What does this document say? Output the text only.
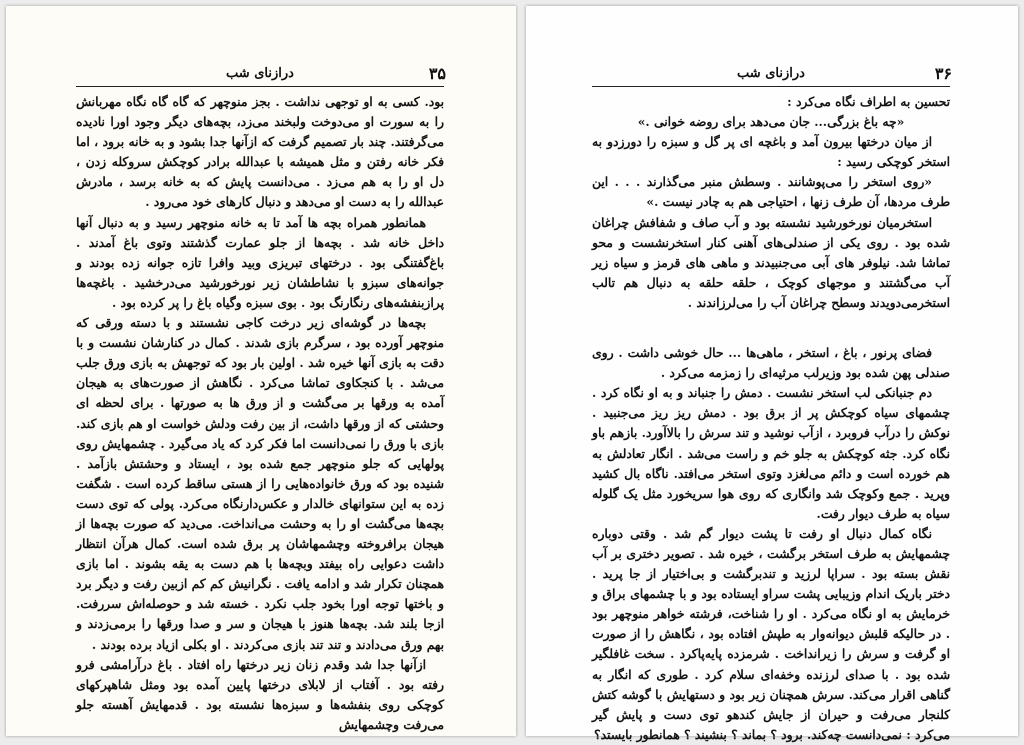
۳۵
درازنای شب

بود. کسی به او توجهی نداشت . بجز منوچهر که گاه گاه نگاه مهربانش را به سورت او می‌دوخت ولبخند می‌زد، بچه‌های دیگر وجود اورا نادیده می‌گرفتند. چند بار تصمیم گرفت که ازآنها جدا بشود و به خانه برود ، اما فکر خانه رفتن و مثل همیشه با عبدالله برادر کوچکش سروکله زدن ، دل او را به هم می‌زد . می‌دانست پایش که به خانه برسد ، مادرش عبدالله را به دست او می‌دهد و دنبال کارهای خود می‌رود .

همانطور همراه بچه ها آمد تا به خانه منوچهر رسید و به دنبال آنها داخل خانه شد . بچه‌ها از جلو عمارت گذشتند وتوی باغ آمدند . باغ‌گفتنگی بود . درختهای تبریزی وبید وافرا تازه جوانه زده بودند و جوانه‌های سبزو با نشاطشان زیر نورخورشید می‌درخشید . باغچه‌ها پرازبنفشه‌های رنگارنگ بود . بوی سبزه وگیاه باغ را پر کرده بود .

بچه‌ها در گوشه‌ای زیر درخت کاجی نشستند و با دسته ورقی که منوچهر آورده بود ، سرگرم بازی شدند . کمال در کنارشان نشست و با دقت به بازی آنها خیره شد . اولین بار بود که توجهش به بازی ورق جلب می‌شد . با کنجکاوی تماشا می‌کرد . نگاهش از صورت‌های به هیجان آمده به ورقها بر می‌گشت و از ورق ها به صورتها . برای لحظه ای وحشتی که از ورقها داشت، از بین رفت ودلش خواست او هم بازی کند. بازی با ورق را نمی‌دانست اما فکر کرد که یاد می‌گیرد . چشمهایش روی پولهایی که جلو منوچهر جمع شده بود ، ایستاد و وحشتش بازآمد . شنیده بود که ورق خانواده‌هایی را از هستی ساقط کرده است . شگفت زده به این ستوانهای خالدار و عکس‌دارنگاه می‌کرد. پولی که توی دست بچه‌ها می‌گشت او را به وحشت می‌انداخت. می‌دید که صورت بچه‌ها از هیجان برافروخته وچشمهاشان پر برق شده است. کمال هرآن انتظار داشت دعوایی راه بیفتد وبچه‌ها با هم دست به یقه بشوند . اما بازی همچنان تکرار شد و ادامه یافت . نگرانیش کم کم ازبین رفت و دیگر برد و باختها توجه اورا بخود جلب نکرد . خسته شد و حوصله‌اش سررفت. ازجا بلند شد. بچه‌ها هنوز با هیجان و سر و صدا ورقها را برمی‌زدند و بهم ورق می‌دادند و تند تند بازی می‌کردند . او بکلی ازیاد برده بودند .

ازآنها جدا شد وقدم زنان زیر درختها راه افتاد . باغ درآرامشی فرو رفته بود . آفتاب از لابلای درختها پایین آمده بود ومثل شاهپرکهای کوچکی روی بنفشه‌ها و سبزه‌ها نشسته بود . قدمهایش آهسته جلو می‌رفت وچشمهایش

۳۶
درازنای شب

تحسین به اطراف نگاه می‌کرد :

«چه باغ بزرگی... جان می‌دهد برای روضه خوانی .»

از میان درختها بیرون آمد و باغچه ای پر گل و سبزه را دورزدو به استخر کوچکی رسید :

«روی استخر را می‌پوشانند . وسطش منبر می‌گذارند . . . این طرف مردها، آن طرف زنها ، احتیاجی هم به چادر نیست .»

استخرمیان نورخورشید نشسته بود و آب صاف و شفافش چراغان شده بود . روی یکی از صندلی‌های آهنی کنار استخرنشست و محو تماشا شد. نیلوفر های آبی می‌جنبیدند و ماهی های قرمز و سیاه زیر آب می‌گشتند و موجهای کوچک ، حلقه حلقه به دنبال هم تالب استخرمی‌دویدند وسطح چراغان آب را می‌لرزاندند .

فضای پرنور ، باغ ، استخر ، ماهی‌ها ... حال خوشی داشت . روی صندلی پهن شده بود وزیرلب مرثیه‌ای را زمزمه می‌کرد .

دم جنبانکی لب استخر نشست . دمش را جنباند و به او نگاه کرد . چشمهای سیاه کوچکش پر از برق بود . دمش ریز ریز می‌جنبید . نوکش را درآب فروبرد ، ازآب نوشید و تند سرش را بالاآورد. بازهم باو نگاه کرد. جثه کوچکش به جلو خم و راست می‌شد . انگار تعادلش به هم خورده است و دائم می‌لغزد وتوی استخر می‌افتد. ناگاه بال کشید وپرید . جمع وکوچک شد وانگاری که روی هوا سریخورد مثل یک گلوله سیاه به طرف دیوار رفت.

نگاه کمال دنبال او رفت تا پشت دیوار گم شد . وقتی دوباره چشمهایش به طرف استخر برگشت ، خیره شد . تصویر دختری بر آب نقش بسته بود . سراپا لرزید و تندبرگشت و بی‌اختیار از جا پرید . دختر باریک اندام وزیبایی پشت سراو ایستاده بود و با چشمهای براق و خرمایش به او نگاه می‌کرد . او را شناخت، فرشته خواهر منوچهر بود . در حالیکه قلبش دیوانه‌وار به طپش افتاده بود ، نگاهش را از صورت او گرفت و سرش را زیرانداخت . شرمزده پایه‌پاکرد . سخت غافلگیر شده بود . با صدای لرزنده وخفه‌ای سلام کرد . طوری که انگار به گناهی اقرار می‌کند. سرش همچنان زیر بود و دستهایش با گوشه کتش کلنجار می‌رفت و حیران از جایش کندهو توی دست و پایش گیر می‌کرد : نمی‌دانست چه‌کند. برود ؟ بماند ؟ بنشیند ؟ همانطور بایستد؟
